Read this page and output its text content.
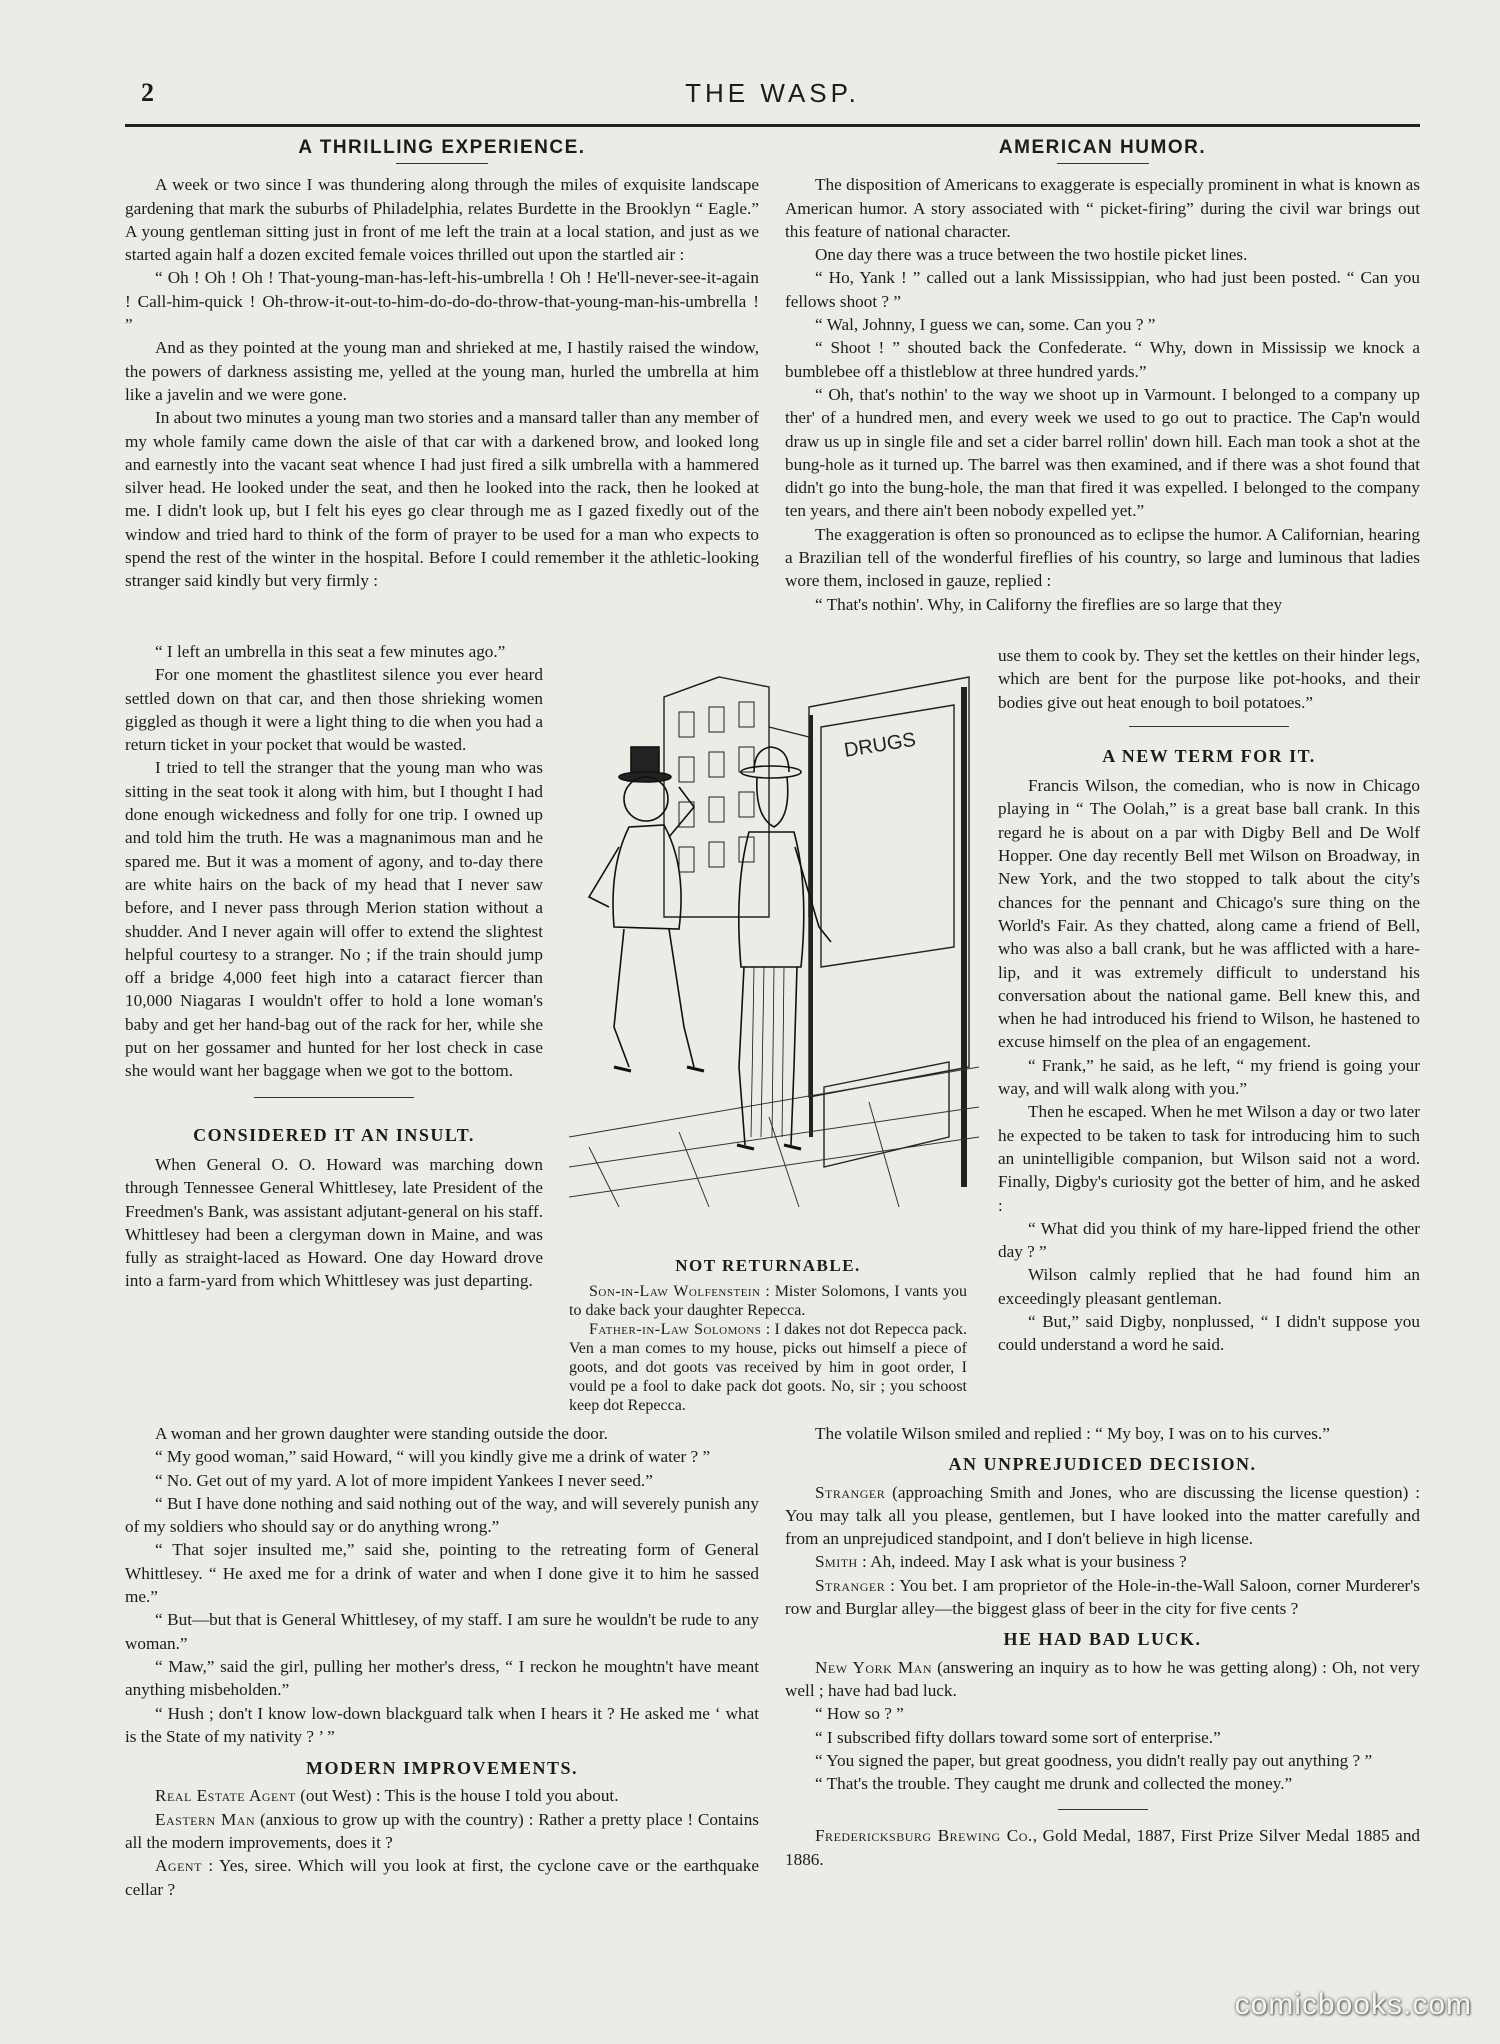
2	THE WASP.
A THRILLING EXPERIENCE.

A week or two since I was thundering along through the miles of exquisite landscape gardening that mark the suburbs of Philadelphia, relates Burdette in the Brooklyn “ Eagle.” A young gentleman sitting just in front of me left the train at a local station, and just as we started again half a dozen excited female voices thrilled out upon the startled air :

“ Oh ! Oh ! Oh ! That-young-man-has-left-his-umbrella ! Oh ! He'll-never-see-it-again ! Call-him-quick ! Oh-throw-it-out-to-him-do-do-do-throw-that-young-man-his-umbrella ! ”

And as they pointed at the young man and shrieked at me, I hastily raised the window, the powers of darkness assisting me, yelled at the young man, hurled the umbrella at him like a javelin and we were gone.

In about two minutes a young man two stories and a mansard taller than any member of my whole family came down the aisle of that car with a darkened brow, and looked long and earnestly into the vacant seat whence I had just fired a silk umbrella with a hammered silver head. He looked under the seat, and then he looked into the rack, then he looked at me. I didn't look up, but I felt his eyes go clear through me as I gazed fixedly out of the window and tried hard to think of the form of prayer to be used for a man who expects to spend the rest of the winter in the hospital. Before I could remember it the athletic-looking stranger said kindly but very firmly :

“ I left an umbrella in this seat a few minutes ago.”

For one moment the ghastlitest silence you ever heard settled down on that car, and then those shrieking women giggled as though it were a light thing to die when you had a return ticket in your pocket that would be wasted.

I tried to tell the stranger that the young man who was sitting in the seat took it along with him, but I thought I had done enough wickedness and folly for one trip. I owned up and told him the truth. He was a magnanimous man and he spared me. But it was a moment of agony, and to-day there are white hairs on the back of my head that I never saw before, and I never pass through Merion station without a shudder. And I never again will offer to extend the slightest helpful courtesy to a stranger. No ; if the train should jump off a bridge 4,000 feet high into a cataract fiercer than 10,000 Niagaras I wouldn't offer to hold a lone woman's baby and get her hand-bag out of the rack for her, while she put on her gossamer and hunted for her lost check in case she would want her baggage when we got to the bottom.

CONSIDERED IT AN INSULT.

When General O. O. Howard was marching down through Tennessee General Whittlesey, late President of the Freedmen's Bank, was assistant adjutant-general on his staff. Whittlesey had been a clergyman down in Maine, and was fully as straight-laced as Howard. One day Howard drove into a farm-yard from which Whittlesey was just departing.

A woman and her grown daughter were standing outside the door.

“ My good woman,” said Howard, “ will you kindly give me a drink of water ? ”

“ No. Get out of my yard. A lot of more impident Yankees I never seed.”

“ But I have done nothing and said nothing out of the way, and will severely punish any of my soldiers who should say or do anything wrong.”

“ That sojer insulted me,” said she, pointing to the retreating form of General Whittlesey. “ He axed me for a drink of water and when I done give it to him he sassed me.”

“ But—but that is General Whittlesey, of my staff. I am sure he wouldn't be rude to any woman.”

“ Maw,” said the girl, pulling her mother's dress, “ I reckon he moughtn't have meant anything misbeholden.”

“ Hush ; don't I know low-down blackguard talk when I hears it ? He asked me ‘ what is the State of my nativity ? ’ ”

MODERN IMPROVEMENTS.

Real Estate Agent (out West) : This is the house I told you about.

Eastern Man (anxious to grow up with the country) : Rather a pretty place ! Contains all the modern improvements, does it ?

Agent : Yes, siree. Which will you look at first, the cyclone cave or the earthquake cellar ?

DRUGS
NOT RETURNABLE.

Son-in-Law Wolfenstein : Mister Solomons, I vants you to dake back your daughter Repecca.

Father-in-Law Solomons : I dakes not dot Repecca pack. Ven a man comes to my house, picks out himself a piece of goots, and dot goots vas received by him in goot order, I vould pe a fool to dake pack dot goots. No, sir ; you schoost keep dot Repecca.

AMERICAN HUMOR.

The disposition of Americans to exaggerate is especially prominent in what is known as American humor. A story associated with “ picket-firing” during the civil war brings out this feature of national character.

One day there was a truce between the two hostile picket lines.

“ Ho, Yank ! ” called out a lank Mississippian, who had just been posted. “ Can you fellows shoot ? ”

“ Wal, Johnny, I guess we can, some. Can you ? ”

“ Shoot ! ” shouted back the Confederate. “ Why, down in Mississip we knock a bumblebee off a thistleblow at three hundred yards.”

“ Oh, that's nothin' to the way we shoot up in Varmount. I belonged to a company up ther' of a hundred men, and every week we used to go out to practice. The Cap'n would draw us up in single file and set a cider barrel rollin' down hill. Each man took a shot at the bung-hole as it turned up. The barrel was then examined, and if there was a shot found that didn't go into the bung-hole, the man that fired it was expelled. I belonged to the company ten years, and there ain't been nobody expelled yet.”

The exaggeration is often so pronounced as to eclipse the humor. A Californian, hearing a Brazilian tell of the wonderful fireflies of his country, so large and luminous that ladies wore them, inclosed in gauze, replied :

“ That's nothin'. Why, in Californy the fireflies are so large that they

use them to cook by. They set the kettles on their hinder legs, which are bent for the purpose like pot-hooks, and their bodies give out heat enough to boil potatoes.”

A NEW TERM FOR IT.

Francis Wilson, the comedian, who is now in Chicago playing in “ The Oolah,” is a great base ball crank. In this regard he is about on a par with Digby Bell and De Wolf Hopper. One day recently Bell met Wilson on Broadway, in New York, and the two stopped to talk about the city's chances for the pennant and Chicago's sure thing on the World's Fair. As they chatted, along came a friend of Bell, who was also a ball crank, but he was afflicted with a hare-lip, and it was extremely difficult to understand his conversation about the national game. Bell knew this, and when he had introduced his friend to Wilson, he hastened to excuse himself on the plea of an engagement.

“ Frank,” he said, as he left, “ my friend is going your way, and will walk along with you.”

Then he escaped. When he met Wilson a day or two later he expected to be taken to task for introducing him to such an unintelligible companion, but Wilson said not a word. Finally, Digby's curiosity got the better of him, and he asked :

“ What did you think of my hare-lipped friend the other day ? ”

Wilson calmly replied that he had found him an exceedingly pleasant gentleman.

“ But,” said Digby, nonplussed, “ I didn't suppose you could understand a word he said.

The volatile Wilson smiled and replied : “ My boy, I was on to his curves.”

AN UNPREJUDICED DECISION.

Stranger (approaching Smith and Jones, who are discussing the license question) : You may talk all you please, gentlemen, but I have looked into the matter carefully and from an unprejudiced standpoint, and I don't believe in high license.

Smith : Ah, indeed. May I ask what is your business ?

Stranger : You bet. I am proprietor of the Hole-in-the-Wall Saloon, corner Murderer's row and Burglar alley—the biggest glass of beer in the city for five cents ?

HE HAD BAD LUCK.

New York Man (answering an inquiry as to how he was getting along) : Oh, not very well ; have had bad luck.

“ How so ? ”

“ I subscribed fifty dollars toward some sort of enterprise.”

“ You signed the paper, but great goodness, you didn't really pay out anything ? ”

“ That's the trouble. They caught me drunk and collected the money.”

Fredericksburg Brewing Co., Gold Medal, 1887, First Prize Silver Medal 1885 and 1886.

comicbooks.com
